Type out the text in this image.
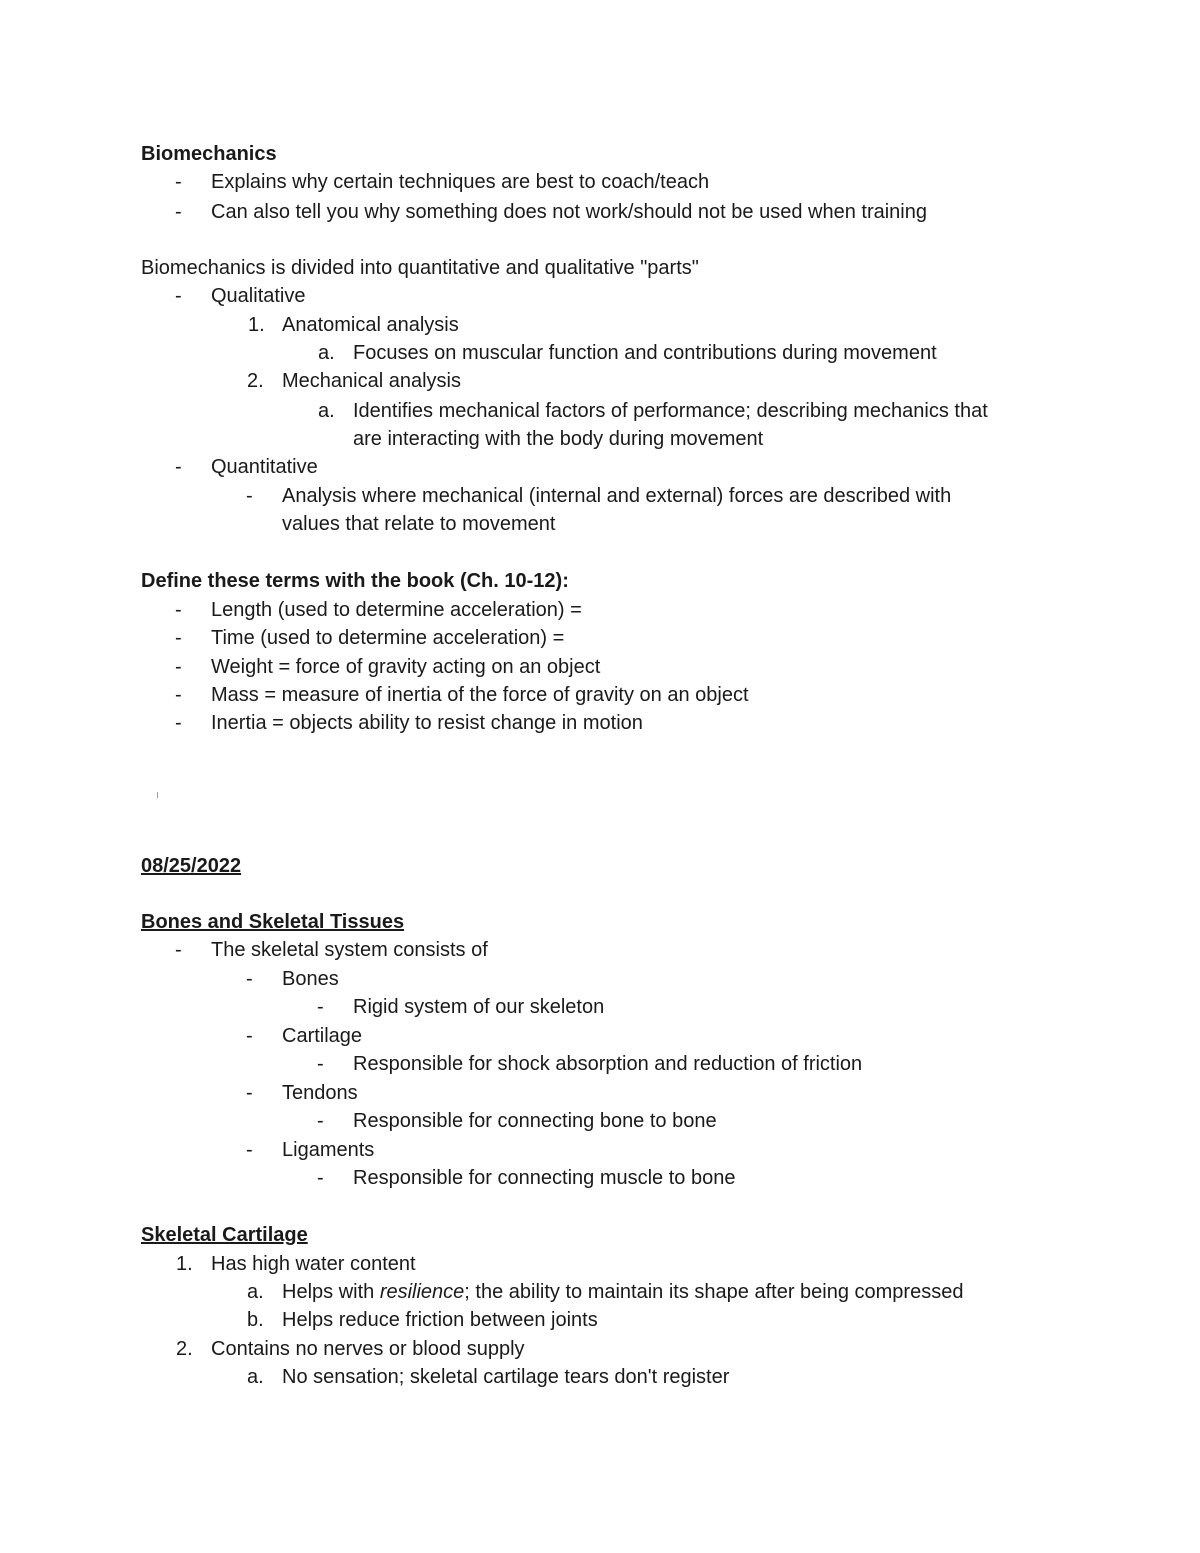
Biomechanics
- Explains why certain techniques are best to coach/teach
- Can also tell you why something does not work/should not be used when training
Biomechanics is divided into quantitative and qualitative "parts"
- Qualitative
1. Anatomical analysis
a. Focuses on muscular function and contributions during movement
2. Mechanical analysis
a. Identifies mechanical factors of performance; describing mechanics that
are interacting with the body during movement
- Quantitative
- Analysis where mechanical (internal and external) forces are described with
values that relate to movement
Define these terms with the book (Ch. 10-12):
- Length (used to determine acceleration) =
- Time (used to determine acceleration) =
- Weight = force of gravity acting on an object
- Mass = measure of inertia of the force of gravity on an object
- Inertia = objects ability to resist change in motion
08/25/2022
Bones and Skeletal Tissues
- The skeletal system consists of
- Bones
- Rigid system of our skeleton
- Cartilage
- Responsible for shock absorption and reduction of friction
- Tendons
- Responsible for connecting bone to bone
- Ligaments
- Responsible for connecting muscle to bone
Skeletal Cartilage
1. Has high water content
a. Helps with resilience; the ability to maintain its shape after being compressed
b. Helps reduce friction between joints
2. Contains no nerves or blood supply
a. No sensation; skeletal cartilage tears don't register
